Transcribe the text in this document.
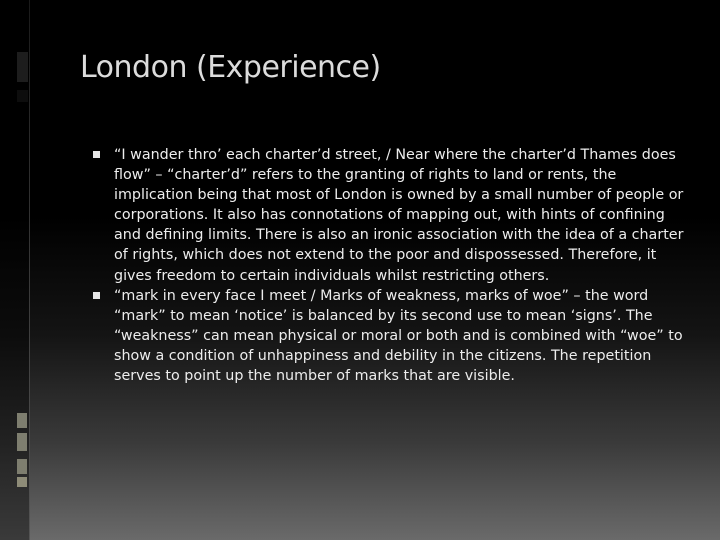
London (Experience)
“I wander thro’ each charter’d street, / Near where the charter’d Thames does flow” – “charter’d” refers to the granting of rights to land or rents, the implication being that most of London is owned by a small number of people or corporations. It also has connotations of mapping out, with hints of confining and defining limits. There is also an ironic association with the idea of a charter of rights, which does not extend to the poor and dispossessed. Therefore, it gives freedom to certain individuals whilst restricting others.
“mark in every face I meet / Marks of weakness, marks of woe” – the word “mark” to mean ‘notice’ is balanced by its second use to mean ‘signs’. The “weakness” can mean physical or moral or both and is combined with “woe” to show a condition of unhappiness and debility in the citizens. The repetition serves to point up the number of marks that are visible.
